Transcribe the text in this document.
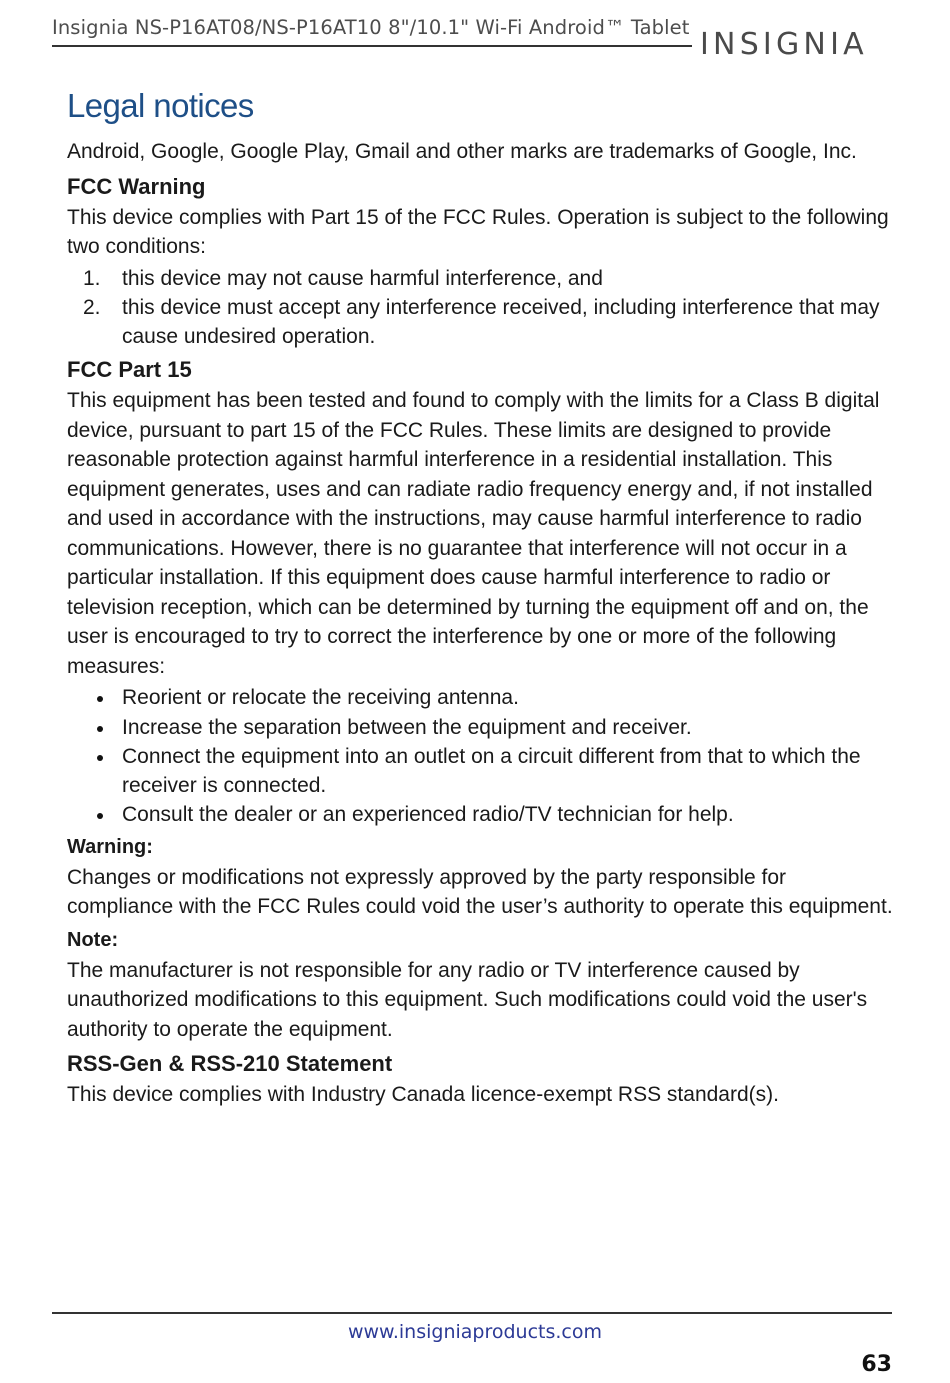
Insignia NS-P16AT08/NS-P16AT10 8"/10.1" Wi-Fi Android™ Tablet INSIGNIA
Legal notices

Android, Google, Google Play, Gmail and other marks are trademarks of Google, Inc.

FCC Warning

This device complies with Part 15 of the FCC Rules. Operation is subject to the following two conditions:

1. this device may not cause harmful interference, and
2. this device must accept any interference received, including interference that may cause undesired operation.
FCC Part 15

This equipment has been tested and found to comply with the limits for a Class B digital device, pursuant to part 15 of the FCC Rules. These limits are designed to provide reasonable protection against harmful interference in a residential installation. This equipment generates, uses and can radiate radio frequency energy and, if not installed and used in accordance with the instructions, may cause harmful interference to radio communications. However, there is no guarantee that interference will not occur in a particular installation. If this equipment does cause harmful interference to radio or television reception, which can be determined by turning the equipment off and on, the user is encouraged to try to correct the interference by one or more of the following measures:

Reorient or relocate the receiving antenna.
Increase the separation between the equipment and receiver.
Connect the equipment into an outlet on a circuit different from that to which the receiver is connected.
Consult the dealer or an experienced radio/TV technician for help.
Warning:

Changes or modifications not expressly approved by the party responsible for compliance with the FCC Rules could void the user’s authority to operate this equipment.

Note:

The manufacturer is not responsible for any radio or TV interference caused by unauthorized modifications to this equipment. Such modifications could void the user's authority to operate the equipment.

RSS-Gen & RSS-210 Statement

This device complies with Industry Canada licence-exempt RSS standard(s).

www.insigniaproducts.com
63
